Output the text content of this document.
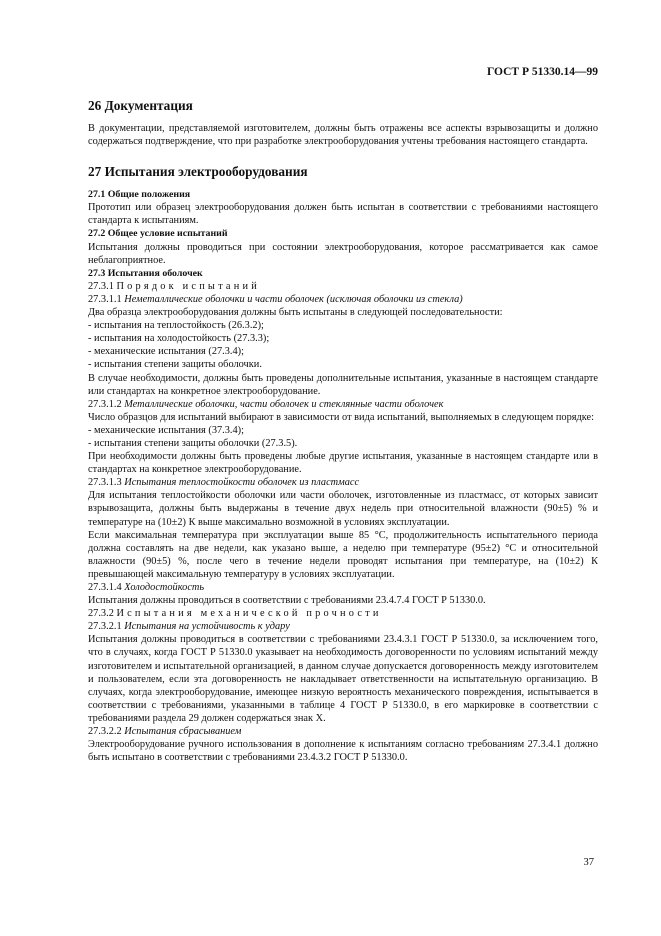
ГОСТ Р 51330.14—99
26 Документация

В документации, представляемой изготовителем, должны быть отражены все аспекты взрывозащиты и должно содержаться подтверждение, что при разработке электрооборудования учтены требования настоящего стандарта.

27 Испытания электрооборудования
27.1 Общие положения

Прототип или образец электрооборудования должен быть испытан в соответствии с требованиями настоящего стандарта к испытаниям.

27.2 Общее условие испытаний

Испытания должны проводиться при состоянии электрооборудования, которое рассматривается как самое неблагоприятное.

27.3 Испытания оболочек
27.3.1 Порядок испытаний
27.3.1.1 Неметаллические оболочки и части оболочек (исключая оболочки из стекла)

Два образца электрооборудования должны быть испытаны в следующей последовательности:

- испытания на теплостойкость (26.3.2);
- испытания на холодостойкость (27.3.3);
- механические испытания (27.3.4);
- испытания степени защиты оболочки.

В случае необходимости, должны быть проведены дополнительные испытания, указанные в настоящем стандарте или стандартах на конкретное электрооборудование.

27.3.1.2 Металлические оболочки, части оболочек и стеклянные части оболочек

Число образцов для испытаний выбирают в зависимости от вида испытаний, выполняемых в следующем порядке:

- механические испытания (37.3.4);
- испытания степени защиты оболочки (27.3.5).

При необходимости должны быть проведены любые другие испытания, указанные в настоящем стандарте или в стандартах на конкретное электрооборудование.

27.3.1.3 Испытания теплостойкости оболочек из пластмасс

Для испытания теплостойкости оболочки или части оболочек, изготовленные из пластмасс, от которых зависит взрывозащита, должны быть выдержаны в течение двух недель при относительной влажности (90±5) % и температуре на (10±2) К выше максимально возможной в условиях эксплуатации.

Если максимальная температура при эксплуатации выше 85 °С, продолжительность испытательного периода должна составлять на две недели, как указано выше, а неделю при температуре (95±2) °С и относительной влажности (90±5) %, после чего в течение недели проводят испытания при температуре, на (10±2) К превышающей максимальную температуру в условиях эксплуатации.

27.3.1.4 Холодостойкость

Испытания должны проводиться в соответствии с требованиями 23.4.7.4 ГОСТ Р 51330.0.

27.3.2 Испытания механической прочности
27.3.2.1 Испытания на устойчивость к удару

Испытания должны проводиться в соответствии с требованиями 23.4.3.1 ГОСТ Р 51330.0, за исключением того, что в случаях, когда ГОСТ Р 51330.0 указывает на необходимость договоренности по условиям испытаний между изготовителем и испытательной организацией, в данном случае допускается договоренность между изготовителем и пользователем, если эта договоренность не накладывает ответственности на испытательную организацию. В случаях, когда электрооборудование, имеющее низкую вероятность механического повреждения, испытывается в соответствии с требованиями, указанными в таблице 4 ГОСТ Р 51330.0, в его маркировке в соответствии с требованиями раздела 29 должен содержаться знак X.

27.3.2.2 Испытания сбрасыванием

Электрооборудование ручного использования в дополнение к испытаниям согласно требованиям 27.3.4.1 должно быть испытано в соответствии с требованиями 23.4.3.2 ГОСТ Р 51330.0.

37
